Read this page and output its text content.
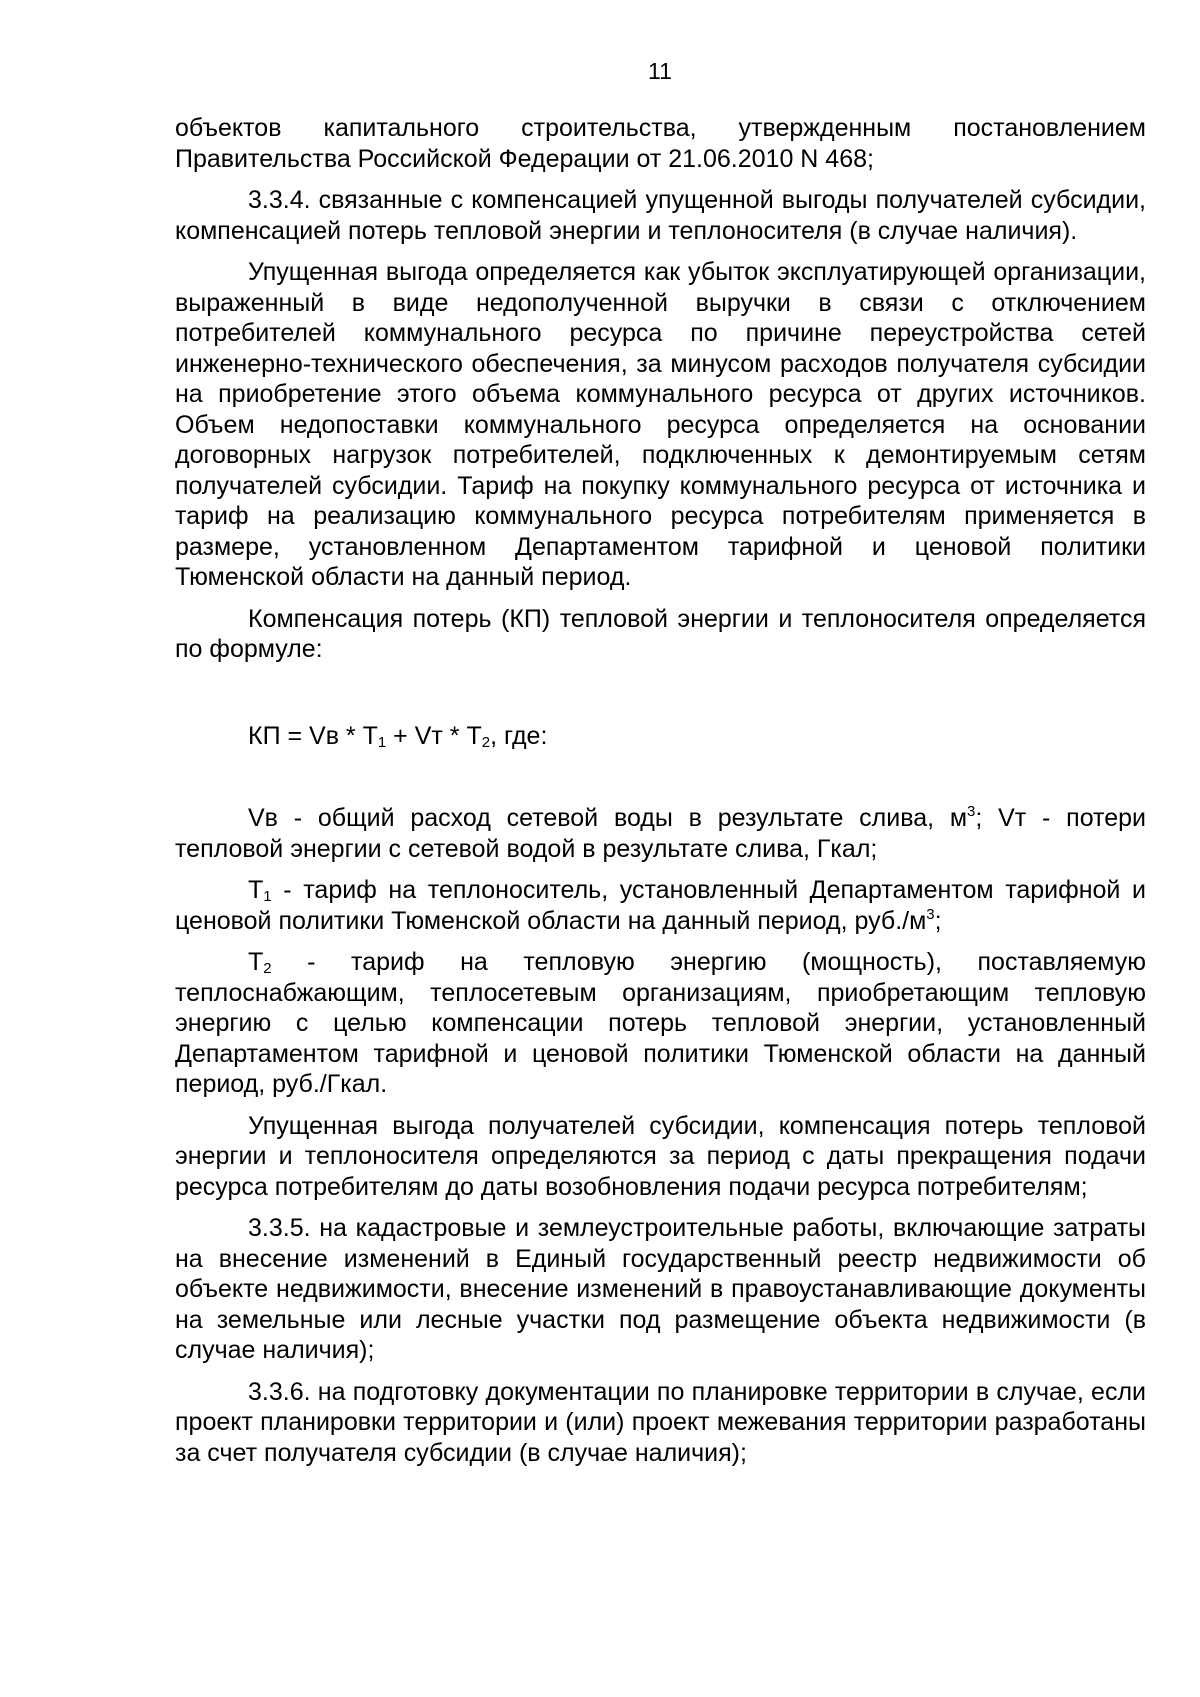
11

объектов капитального строительства, утвержденным постановлением Правительства Российской Федерации от 21.06.2010 N 468;

3.3.4. связанные с компенсацией упущенной выгоды получателей субсидии, компенсацией потерь тепловой энергии и теплоносителя (в случае наличия).

Упущенная выгода определяется как убыток эксплуатирующей организации, выраженный в виде недополученной выручки в связи с отключением потребителей коммунального ресурса по причине переустройства сетей инженерно-технического обеспечения, за минусом расходов получателя субсидии на приобретение этого объема коммунального ресурса от других источников. Объем недопоставки коммунального ресурса определяется на основании договорных нагрузок потребителей, подключенных к демонтируемым сетям получателей субсидии. Тариф на покупку коммунального ресурса от источника и тариф на реализацию коммунального ресурса потребителям применяется в размере, установленном Департаментом тарифной и ценовой политики Тюменской области на данный период.

Компенсация потерь (КП) тепловой энергии и теплоносителя определяется по формуле:

КП = Vв * $Т_1$ + Vт * $Т_2$, где:

Vв - общий расход сетевой воды в результате слива, $м^3$; Vт - потери тепловой энергии с сетевой водой в результате слива, Гкал;

$Т_1$ - тариф на теплоноситель, установленный Департаментом тарифной и ценовой политики Тюменской области на данный период, $руб./м^3$;

$Т_2$ - тариф на тепловую энергию (мощность), поставляемую теплоснабжающим, теплосетевым организациям, приобретающим тепловую энергию с целью компенсации потерь тепловой энергии, установленный Департаментом тарифной и ценовой политики Тюменской области на данный период, руб./Гкал.

Упущенная выгода получателей субсидии, компенсация потерь тепловой энергии и теплоносителя определяются за период с даты прекращения подачи ресурса потребителям до даты возобновления подачи ресурса потребителям;

3.3.5. на кадастровые и землеустроительные работы, включающие затраты на внесение изменений в Единый государственный реестр недвижимости об объекте недвижимости, внесение изменений в правоустанавливающие документы на земельные или лесные участки под размещение объекта недвижимости (в случае наличия);

3.3.6. на подготовку документации по планировке территории в случае, если проект планировки территории и (или) проект межевания территории разработаны за счет получателя субсидии (в случае наличия);
